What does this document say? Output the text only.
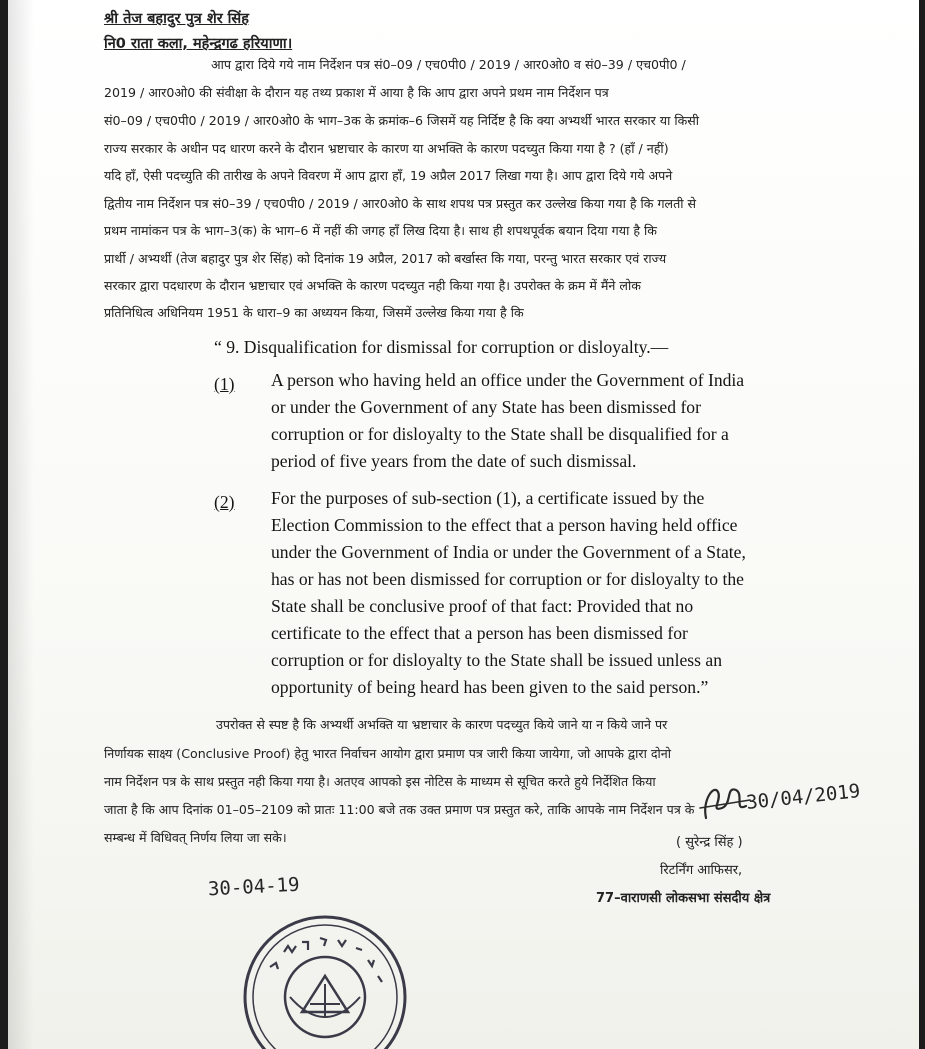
श्री तेज बहादुर पुत्र शेर सिंह
नि0 राता कला, महेन्द्रगढ हरियाणा।
आप द्वारा दिये गये नाम निर्देशन पत्र सं0–09 / एच0पी0 / 2019 / आर0ओ0 व सं0–39 / एच0पी0 /
2019 / आर0ओ0 की संवीक्षा के दौरान यह तथ्य प्रकाश में आया है कि आप द्वारा अपने प्रथम नाम निर्देशन पत्र
सं0–09 / एच0पी0 / 2019 / आर0ओ0 के भाग–3क के क्रमांक–6 जिसमें यह निर्दिष्ट है कि क्या अभ्यर्थी भारत सरकार या किसी
राज्य सरकार के अधीन पद धारण करने के दौरान भ्रष्टाचार के कारण या अभक्ति के कारण पदच्युत किया गया है ? (हाँ / नहीं)
यदि हाँ, ऐसी पदच्युति की तारीख के अपने विवरण में आप द्वारा हाँ, 19 अप्रैल 2017 लिखा गया है। आप द्वारा दिये गये अपने
द्वितीय नाम निर्देशन पत्र सं0–39 / एच0पी0 / 2019 / आर0ओ0 के साथ शपथ पत्र प्रस्तुत कर उल्लेख किया गया है कि गलती से
प्रथम नामांकन पत्र के भाग–3(क) के भाग–6 में नहीं की जगह हाँ लिख दिया है। साथ ही शपथपूर्वक बयान दिया गया है कि
प्रार्थी / अभ्यर्थी (तेज बहादुर पुत्र शेर सिंह) को दिनांक 19 अप्रैल, 2017 को बर्खास्त कि गया, परन्तु भारत सरकार एवं राज्य
सरकार द्वारा पदधारण के दौरान भ्रष्टाचार एवं अभक्ति के कारण पदच्युत नही किया गया है। उपरोक्त के क्रम में मैंने लोक
प्रतिनिधित्व अधिनियम 1951 के धारा–9 का अध्ययन किया, जिसमें उल्लेख किया गया है कि
“ 9. Disqualification for dismissal for corruption or disloyalty.—
(1) A person who having held an office under the Government of India
or under the Government of any State has been dismissed for
corruption or for disloyalty to the State shall be disqualified for a
period of five years from the date of such dismissal.
(2) For the purposes of sub-section (1), a certificate issued by the
Election Commission to the effect that a person having held office
under the Government of India or under the Government of a State,
has or has not been dismissed for corruption or for disloyalty to the
State shall be conclusive proof of that fact: Provided that no
certificate to the effect that a person has been dismissed for
corruption or for disloyalty to the State shall be issued unless an
opportunity of being heard has been given to the said person.”
उपरोक्त से स्पष्ट है कि अभ्यर्थी अभक्ति या भ्रष्टाचार के कारण पदच्युत किये जाने या न किये जाने पर
निर्णायक साक्ष्य (Conclusive Proof) हेतु भारत निर्वाचन आयोग द्वारा प्रमाण पत्र जारी किया जायेगा, जो आपके द्वारा दोनो
नाम निर्देशन पत्र के साथ प्रस्तुत नही किया गया है। अतएव आपको इस नोटिस के माध्यम से सूचित करते हुये निर्देशित किया
जाता है कि आप दिनांक 01–05–2109 को प्रातः 11:00 बजे तक उक्त प्रमाण पत्र प्रस्तुत करे, ताकि आपके नाम निर्देशन पत्र के
सम्बन्ध में विधिवत् निर्णय लिया जा सके।
30/04/2019
( सुरेन्द्र सिंह )
रिटर्निंग आफिसर,
77–वाराणसी लोकसभा संसदीय क्षेत्र
30-04-19
